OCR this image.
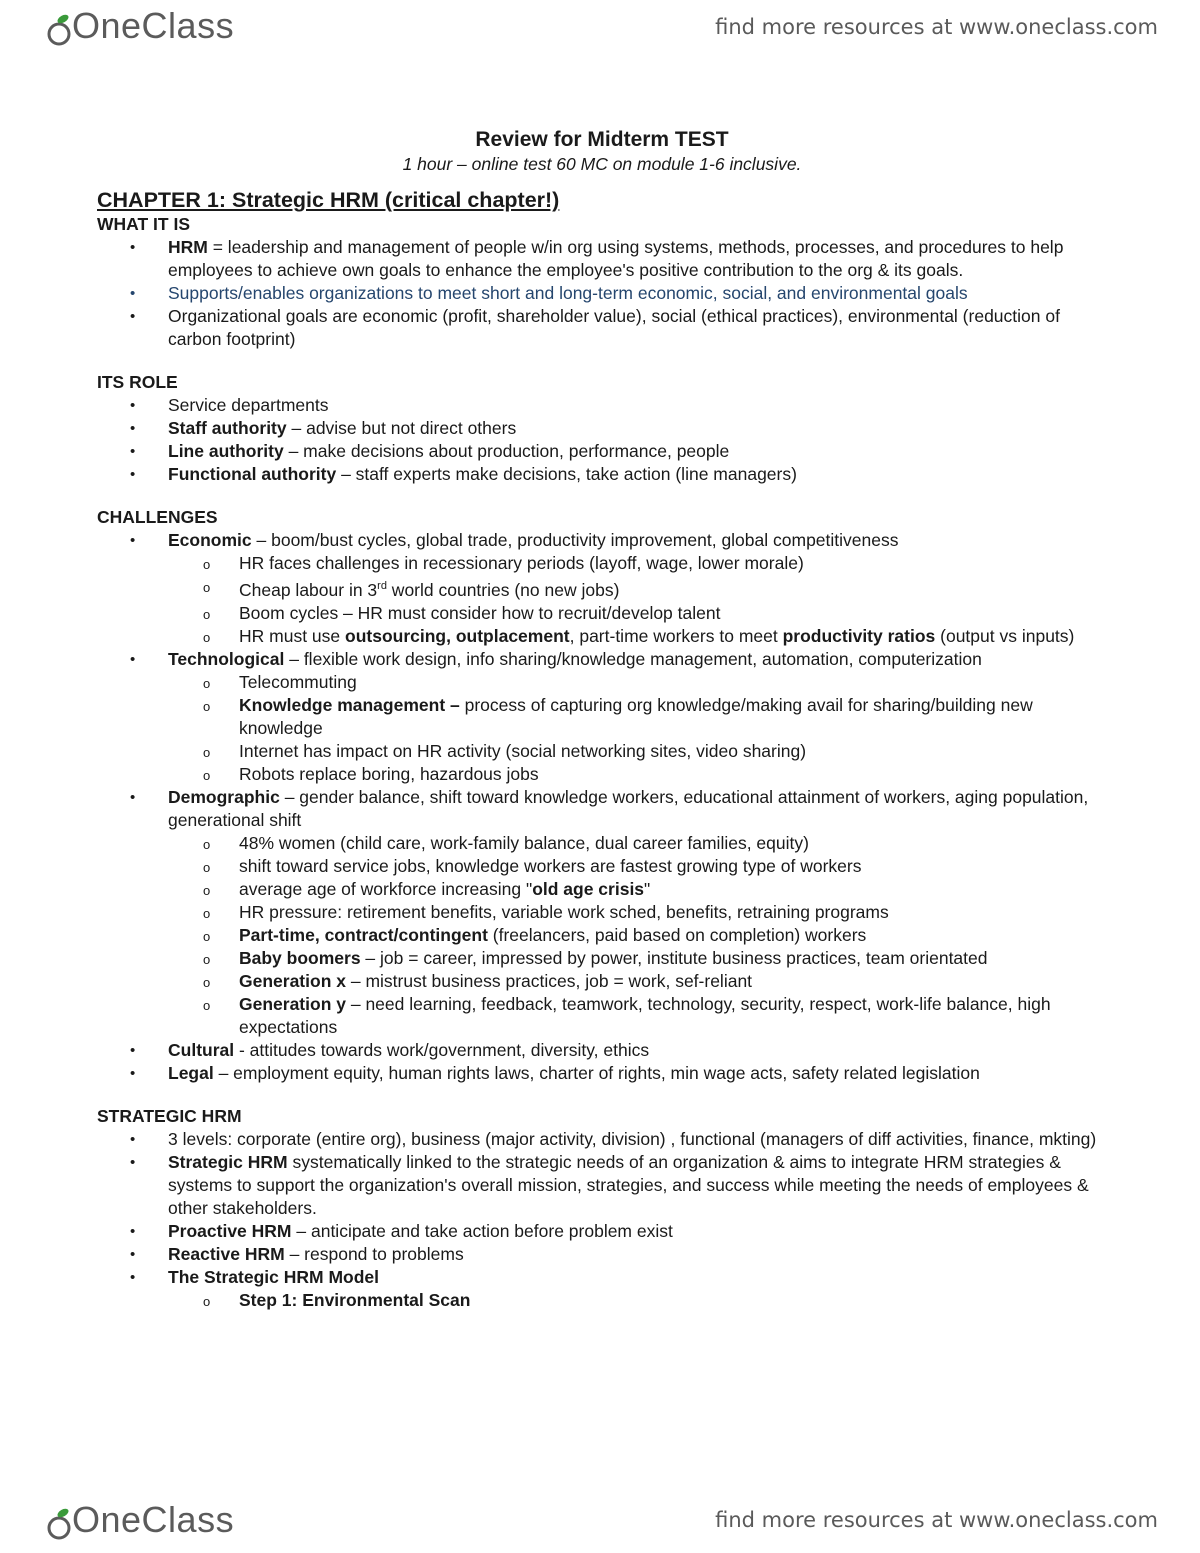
OneClass	find more resources at www.oneclass.com

Review for Midterm TEST

1 hour – online test 60 MC on module 1-6 inclusive.

CHAPTER 1: Strategic HRM (critical chapter!)
WHAT IT IS
• HRM = leadership and management of people w/in org using systems, methods, processes, and procedures to help employees to achieve own goals to enhance the employee's positive contribution to the org & its goals.
• Supports/enables organizations to meet short and long-term economic, social, and environmental goals
• Organizational goals are economic (profit, shareholder value), social (ethical practices), environmental (reduction of carbon footprint)
ITS ROLE
• Service departments
• Staff authority – advise but not direct others
• Line authority – make decisions about production, performance, people
• Functional authority – staff experts make decisions, take action (line managers)
CHALLENGES
• Economic – boom/bust cycles, global trade, productivity improvement, global competitiveness
o HR faces challenges in recessionary periods (layoff, wage, lower morale)
o Cheap labour in 3rd world countries (no new jobs)
o Boom cycles – HR must consider how to recruit/develop talent
o HR must use outsourcing, outplacement, part-time workers to meet productivity ratios (output vs inputs)
• Technological – flexible work design, info sharing/knowledge management, automation, computerization
o Telecommuting
o Knowledge management – process of capturing org knowledge/making avail for sharing/building new knowledge
o Internet has impact on HR activity (social networking sites, video sharing)
o Robots replace boring, hazardous jobs
• Demographic – gender balance, shift toward knowledge workers, educational attainment of workers, aging population, generational shift
o 48% women (child care, work-family balance, dual career families, equity)
o shift toward service jobs, knowledge workers are fastest growing type of workers
o average age of workforce increasing "old age crisis"
o HR pressure: retirement benefits, variable work sched, benefits, retraining programs
o Part-time, contract/contingent (freelancers, paid based on completion) workers
o Baby boomers – job = career, impressed by power, institute business practices, team orientated
o Generation x – mistrust business practices, job = work, sef-reliant
o Generation y – need learning, feedback, teamwork, technology, security, respect, work-life balance, high expectations
• Cultural - attitudes towards work/government, diversity, ethics
• Legal – employment equity, human rights laws, charter of rights, min wage acts, safety related legislation
STRATEGIC HRM
• 3 levels: corporate (entire org), business (major activity, division) , functional (managers of diff activities, finance, mkting)
• Strategic HRM systematically linked to the strategic needs of an organization & aims to integrate HRM strategies & systems to support the organization's overall mission, strategies, and success while meeting the needs of employees & other stakeholders.
• Proactive HRM – anticipate and take action before problem exist
• Reactive HRM – respond to problems
• The Strategic HRM Model
o Step 1: Environmental Scan
OneClass	find more resources at www.oneclass.com
